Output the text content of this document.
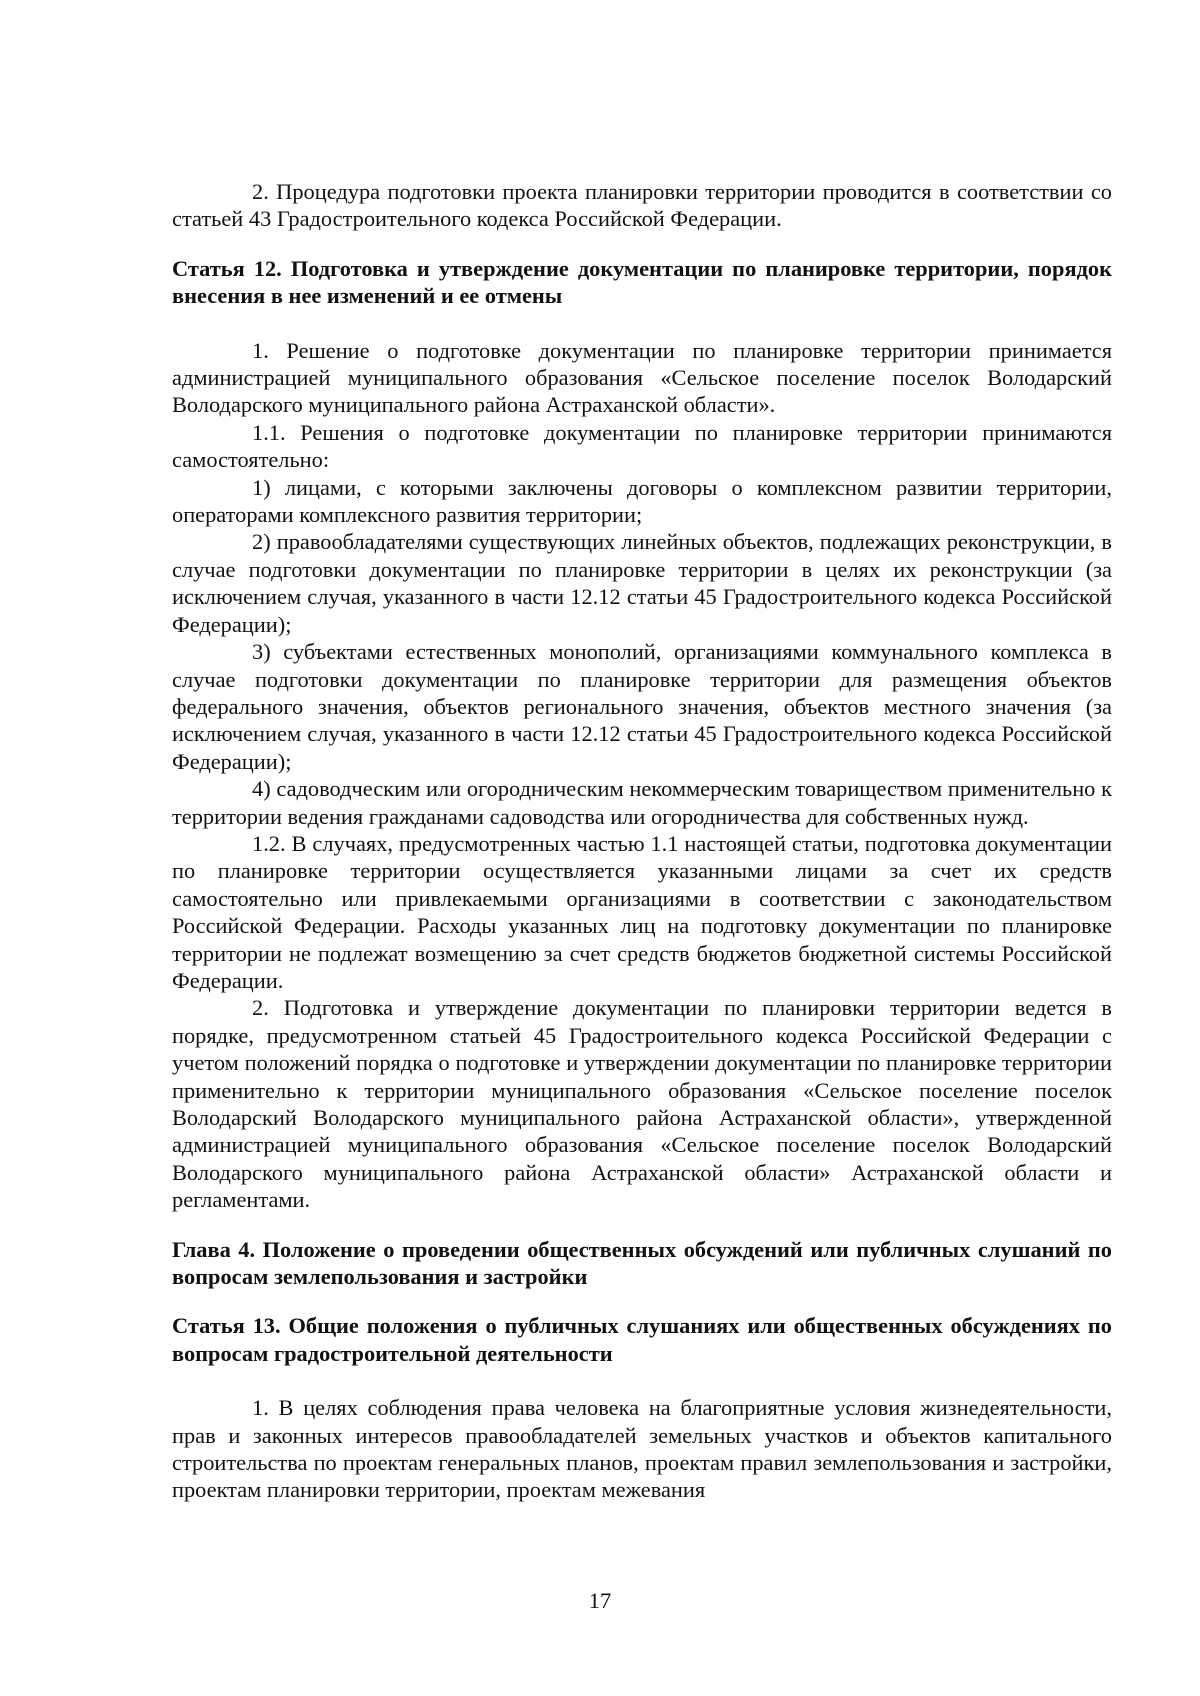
2. Процедура подготовки проекта планировки территории проводится в соответствии со статьей 43 Градостроительного кодекса Российской Федерации.

Статья 12. Подготовка и утверждение документации по планировке территории, порядок внесения в нее изменений и ее отмены

1. Решение о подготовке документации по планировке территории принимается администрацией муниципального образования «Сельское поселение поселок Володарский Володарского муниципального района Астраханской области».

1.1. Решения о подготовке документации по планировке территории принимаются самостоятельно:

1) лицами, с которыми заключены договоры о комплексном развитии территории, операторами комплексного развития территории;

2) правообладателями существующих линейных объектов, подлежащих реконструкции, в случае подготовки документации по планировке территории в целях их реконструкции (за исключением случая, указанного в части 12.12 статьи 45 Градостроительного кодекса Российской Федерации);

3) субъектами естественных монополий, организациями коммунального комплекса в случае подготовки документации по планировке территории для размещения объектов федерального значения, объектов регионального значения, объектов местного значения (за исключением случая, указанного в части 12.12 статьи 45 Градостроительного кодекса Российской Федерации);

4) садоводческим или огородническим некоммерческим товариществом применительно к территории ведения гражданами садоводства или огородничества для собственных нужд.

1.2. В случаях, предусмотренных частью 1.1 настоящей статьи, подготовка документации по планировке территории осуществляется указанными лицами за счет их средств самостоятельно или привлекаемыми организациями в соответствии с законодательством Российской Федерации. Расходы указанных лиц на подготовку документации по планировке территории не подлежат возмещению за счет средств бюджетов бюджетной системы Российской Федерации.

2. Подготовка и утверждение документации по планировки территории ведется в порядке, предусмотренном статьей 45 Градостроительного кодекса Российской Федерации с учетом положений порядка о подготовке и утверждении документации по планировке территории применительно к территории муниципального образования «Сельское поселение поселок Володарский Володарского муниципального района Астраханской области», утвержденной администрацией муниципального образования «Сельское поселение поселок Володарский Володарского муниципального района Астраханской области» Астраханской области и регламентами.

Глава 4. Положение о проведении общественных обсуждений или публичных слушаний по вопросам землепользования и застройки

Статья 13. Общие положения о публичных слушаниях или общественных обсуждениях по вопросам градостроительной деятельности

1. В целях соблюдения права человека на благоприятные условия жизнедеятельности, прав и законных интересов правообладателей земельных участков и объектов капитального строительства по проектам генеральных планов, проектам правил землепользования и застройки, проектам планировки территории, проектам межевания

17
